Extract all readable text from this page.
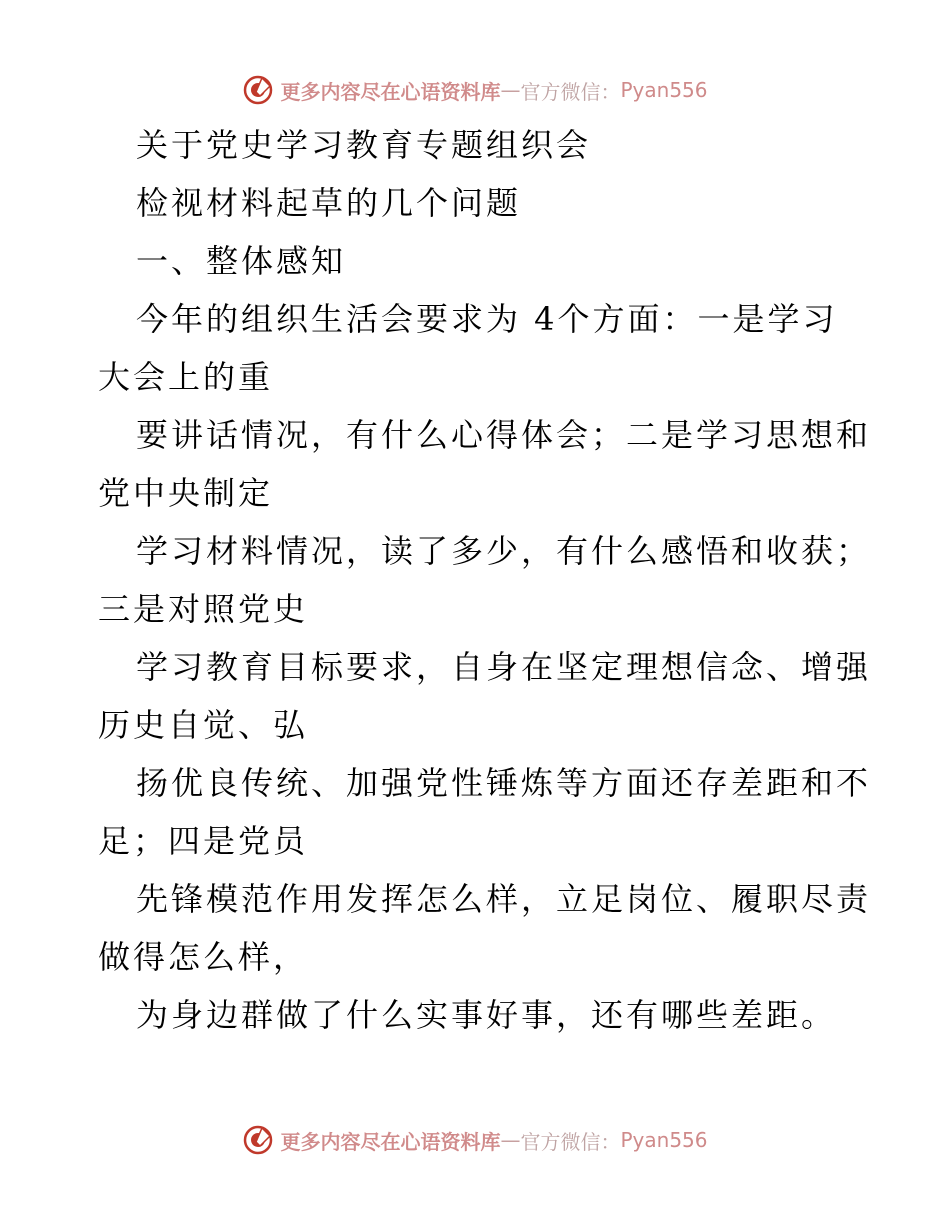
更多内容尽在心语资料库 — 官方微信： Pyan556
关于党史学习教育专题组织会
检视材料起草的几个问题
一、整体感知
今年的组织生活会要求为 4个方面：一是学习
大会上的重
要讲话情况，有什么心得体会；二是学习思想和
党中央制定
学习材料情况，读了多少，有什么感悟和收获；
三是对照党史
学习教育目标要求，自身在坚定理想信念、增强
历史自觉、弘
扬优良传统、加强党性锤炼等方面还存差距和不
足；四是党员
先锋模范作用发挥怎么样，立足岗位、履职尽责
做得怎么样，
为身边群做了什么实事好事，还有哪些差距。
更多内容尽在心语资料库 — 官方微信： Pyan556
